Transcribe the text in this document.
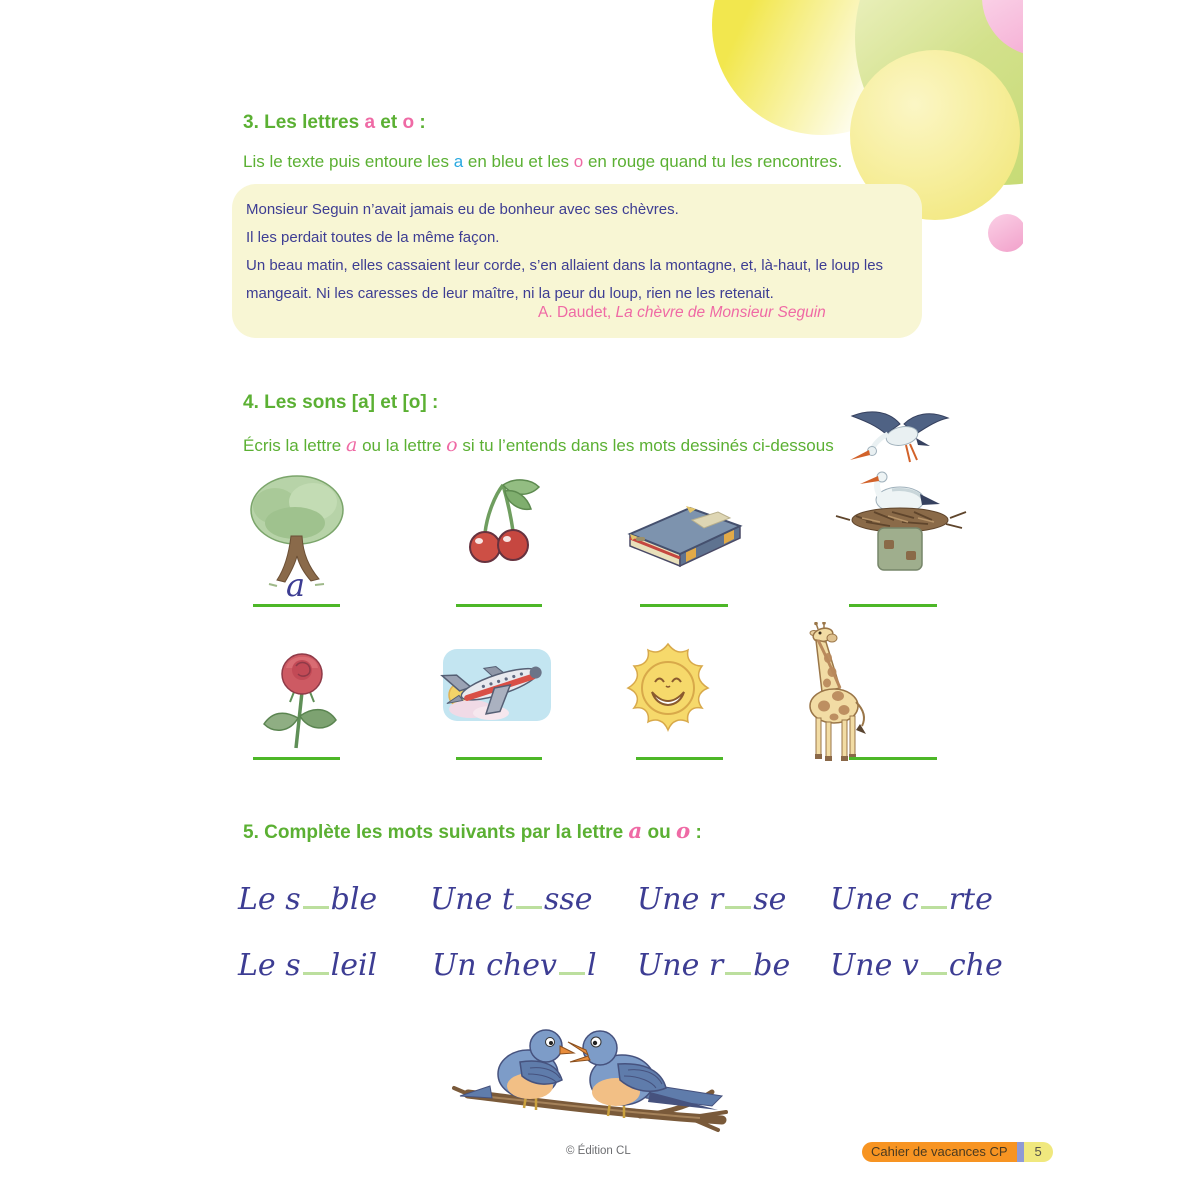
3. Les lettres a et o :
Lis le texte puis entoure les a en bleu et les o en rouge quand tu les rencontres.

Monsieur Seguin n’avait jamais eu de bonheur avec ses chèvres.

Il les perdait toutes de la même façon.

Un beau matin, elles cassaient leur corde, s’en allaient dans la montagne, et, là-haut, le loup les mangeait. Ni les caresses de leur maître, ni la peur du loup, rien ne les retenait.

A. Daudet, La chèvre de Monsieur Seguin
4. Les sons [a] et [o] :
Écris la lettre a ou la lettre o si tu l’entends dans les mots dessinés ci-dessous
a
5. Complète les mots suivants par la lettre a ou o :
Le s ble Une t sse Une r se Une c rte
Le s leil Un chev l Une r be Une v che
© Édition CL	Cahier de vacances CP	5
